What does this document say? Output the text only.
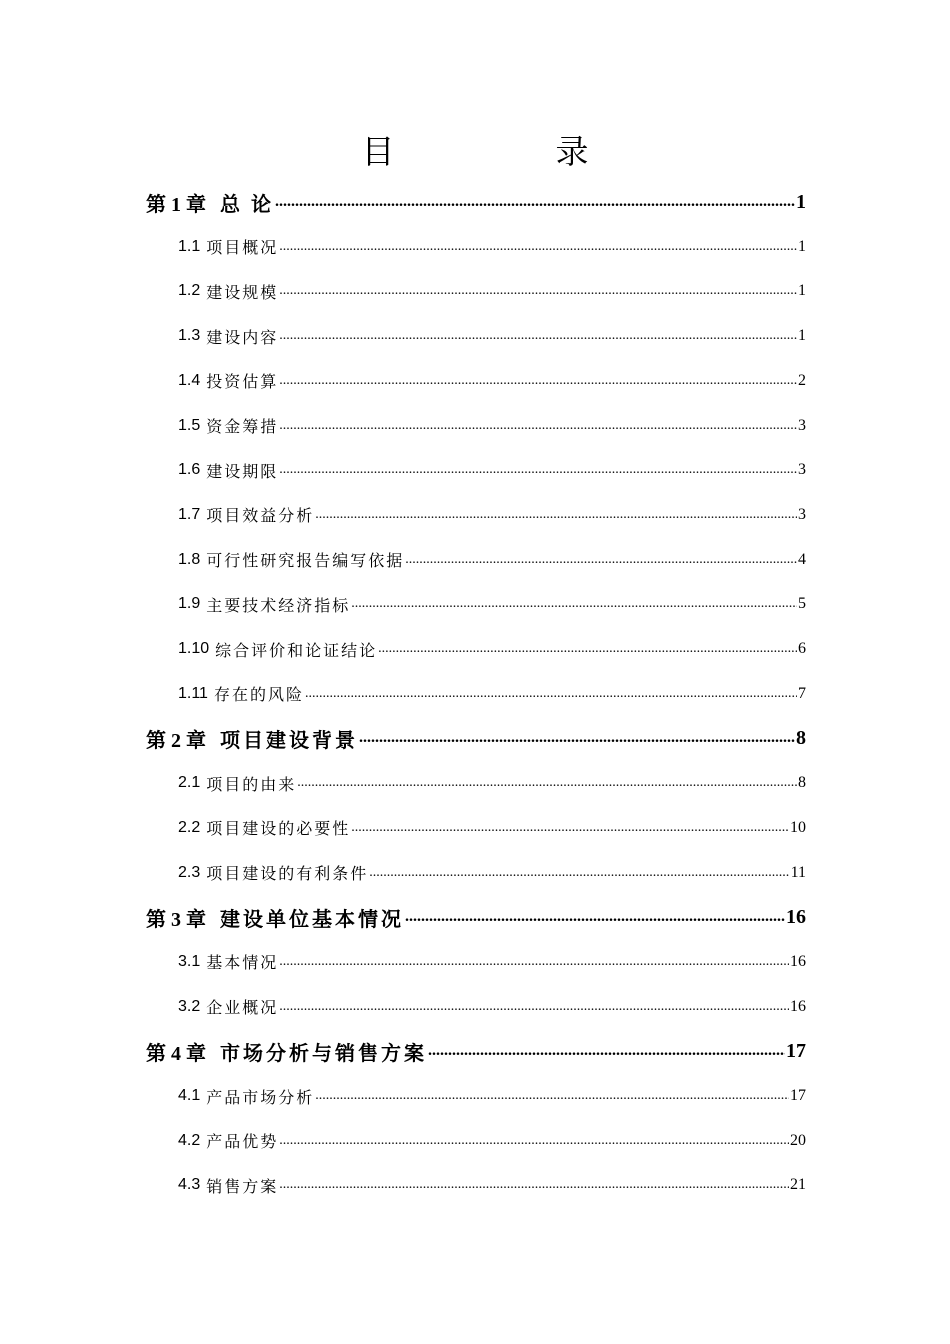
目　录
第 1 章 总 论 .....	1
1.1 项目概况 .....	1
1.2 建设规模 .....	1
1.3 建设内容 .....	1
1.4 投资估算 .....	2
1.5 资金筹措 .....	3
1.6 建设期限 .....	3
1.7 项目效益分析 .....	3
1.8 可行性研究报告编写依据 .....	4
1.9 主要技术经济指标 .....	5
1.10 综合评价和论证结论 .....	6
1.11 存在的风险 .....	7
第 2 章 项目建设背景 .....	8
2.1 项目的由来 .....	8
2.2 项目建设的必要性 .....	10
2.3 项目建设的有利条件 .....	11
第 3 章 建设单位基本情况 .....	16
3.1 基本情况 .....	16
3.2 企业概况 .....	16
第 4 章 市场分析与销售方案 .....	17
4.1 产品市场分析 .....	17
4.2 产品优势 .....	20
4.3 销售方案 .....	21
